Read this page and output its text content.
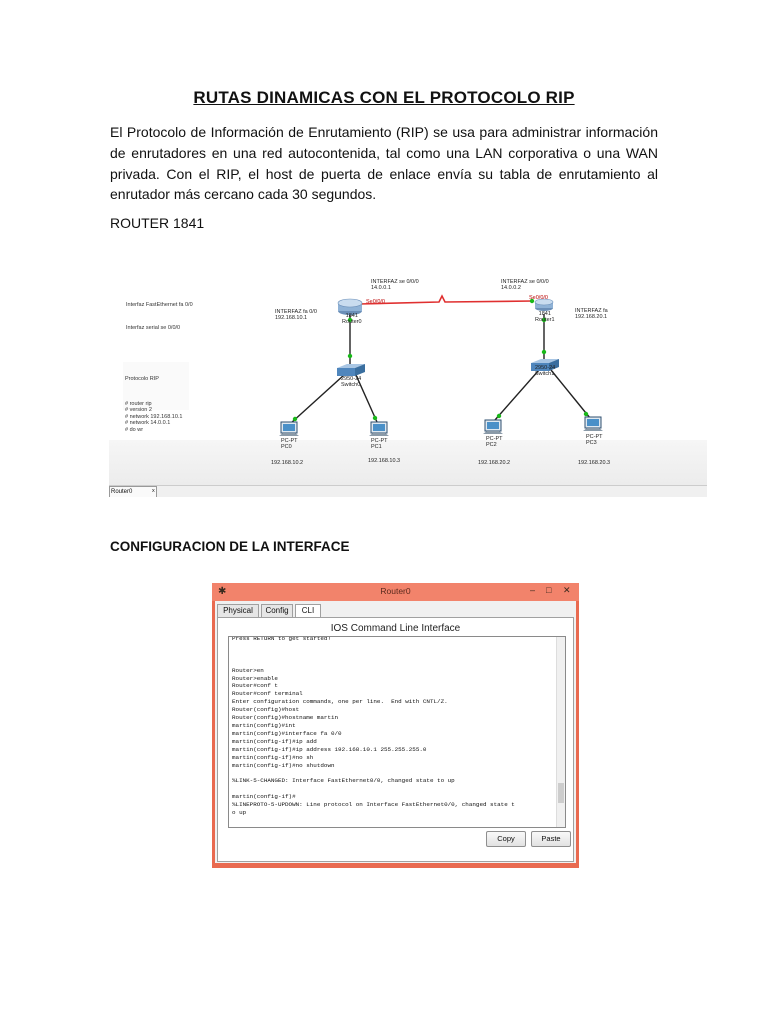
RUTAS DINAMICAS CON EL PROTOCOLO RIP
El Protocolo de Información de Enrutamiento (RIP) se usa para administrar información de enrutadores en una red autocontenida, tal como una LAN corporativa o una WAN privada. Con el RIP, el host de puerta de enlace envía su tabla de enrutamiento al enrutador más cercano cada 30 segundos.
ROUTER 1841
Router0	x
Interfaz FastEthernet fa 0/0
Interfaz serial se 0/0/0

Protocolo RIP

# router rip
# version 2
# network 192.168.10.1
# network 14.0.0.1
# do wr

INTERFAZ se 0/0/0
14.0.0.1
INTERFAZ se 0/0/0
14.0.0.2
INTERFAZ fa 0/0
192.168.10.1
INTERFAZ fa
192.168.20.1
Se0/0/0
Se0/0/0
1841
Router0
1841
Router1
2950-24
Switch0
2950-24
Switch1
PC-PT
PC0
PC-PT
PC1
PC-PT
PC2
PC-PT
PC3
192.168.10.2	192.168.10.3	192.168.20.2	192.168.20.3
CONFIGURACION DE LA INTERFACE
✱	Router0	– □ ✕
Physical	Config	CLI
IOS Command Line Interface
Press RETURN to get started!

Router>en
Router>enable
Router#conf t
Router#conf terminal
Enter configuration commands, one per line.  End with CNTL/Z.
Router(config)#host
Router(config)#hostname martin
martin(config)#int
martin(config)#interface fa 0/0
martin(config-if)#ip add
martin(config-if)#ip address 192.168.10.1 255.255.255.0
martin(config-if)#no sh
martin(config-if)#no shutdown

%LINK-5-CHANGED: Interface FastEthernet0/0, changed state to up

martin(config-if)#
%LINEPROTO-5-UPDOWN: Line protocol on Interface FastEthernet0/0, changed state t
o up
Copy	Paste
